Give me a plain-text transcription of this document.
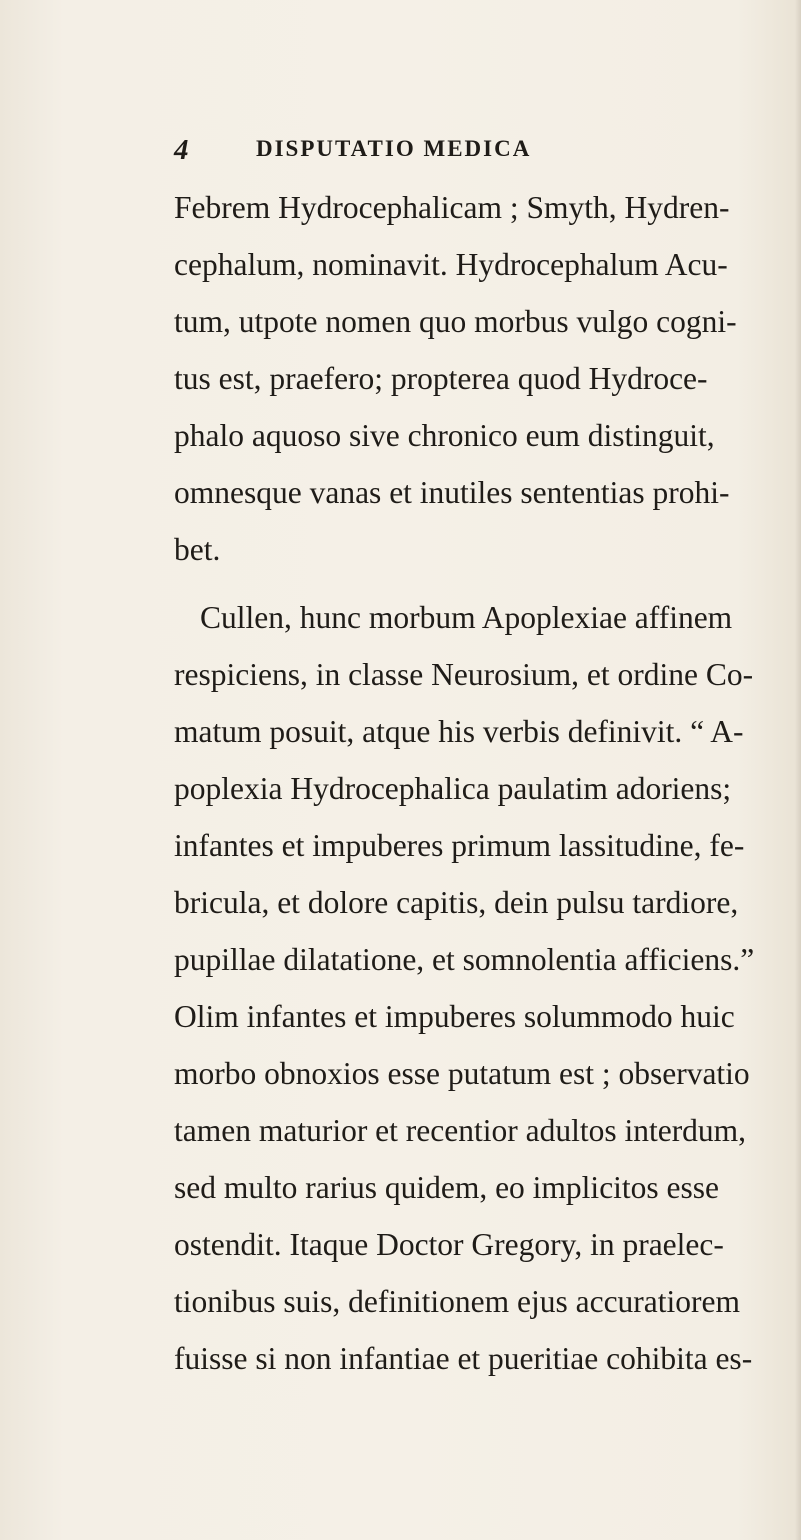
4	DISPUTATIO MEDICA
Febrem Hydrocephalicam ; Smyth, Hydren-
cephalum, nominavit. Hydrocephalum Acu-
tum, utpote nomen quo morbus vulgo cogni-
tus est, praefero; propterea quod Hydroce-
phalo aquoso sive chronico eum distinguit,
omnesque vanas et inutiles sententias prohi-
bet.
Cullen, hunc morbum Apoplexiae affinem
respiciens, in classe Neurosium, et ordine Co-
matum posuit, atque his verbis definivit. “ A-
poplexia Hydrocephalica paulatim adoriens;
infantes et impuberes primum lassitudine, fe-
bricula, et dolore capitis, dein pulsu tardiore,
pupillae dilatatione, et somnolentia afficiens.”
Olim infantes et impuberes solummodo huic
morbo obnoxios esse putatum est ; observatio
tamen maturior et recentior adultos interdum,
sed multo rarius quidem, eo implicitos esse
ostendit. Itaque Doctor Gregory, in praelec-
tionibus suis, definitionem ejus accuratiorem
fuisse si non infantiae et pueritiae cohibita es-
